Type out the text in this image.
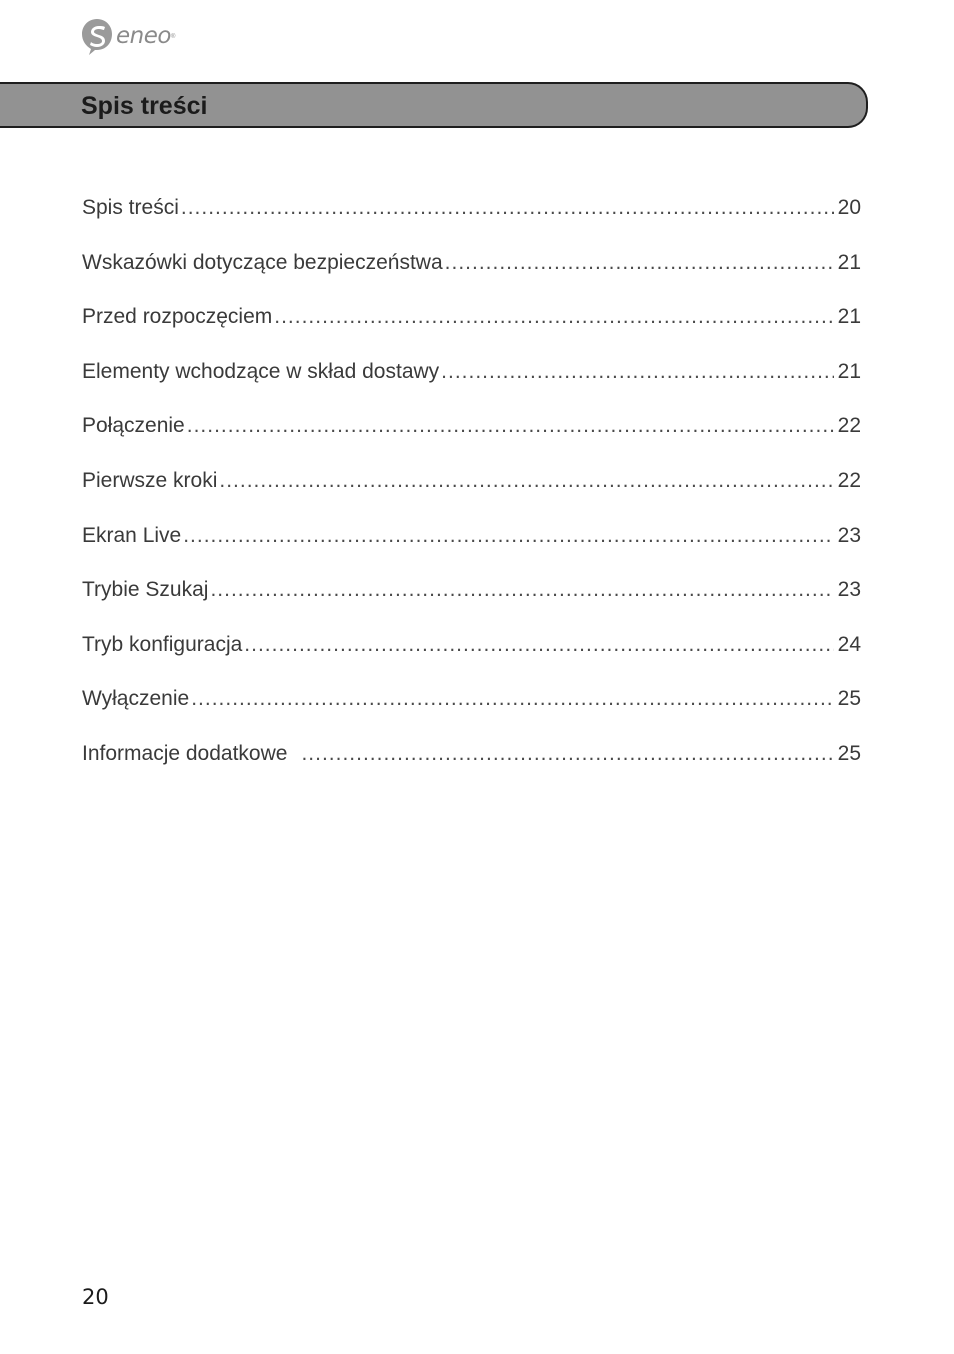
eneo ®
Spis treści
Spis treści .....	20
Wskazówki dotyczące bezpieczeństwa .....	21
Przed rozpoczęciem .....	21
Elementy wchodzące w skład dostawy .....	21
Połączenie .....	22
Pierwsze kroki .....	22
Ekran Live .....	23
Trybie Szukaj .....	23
Tryb konfiguracja .....	24
Wyłączenie .....	25
Informacje dodatkowe .....	25
20
